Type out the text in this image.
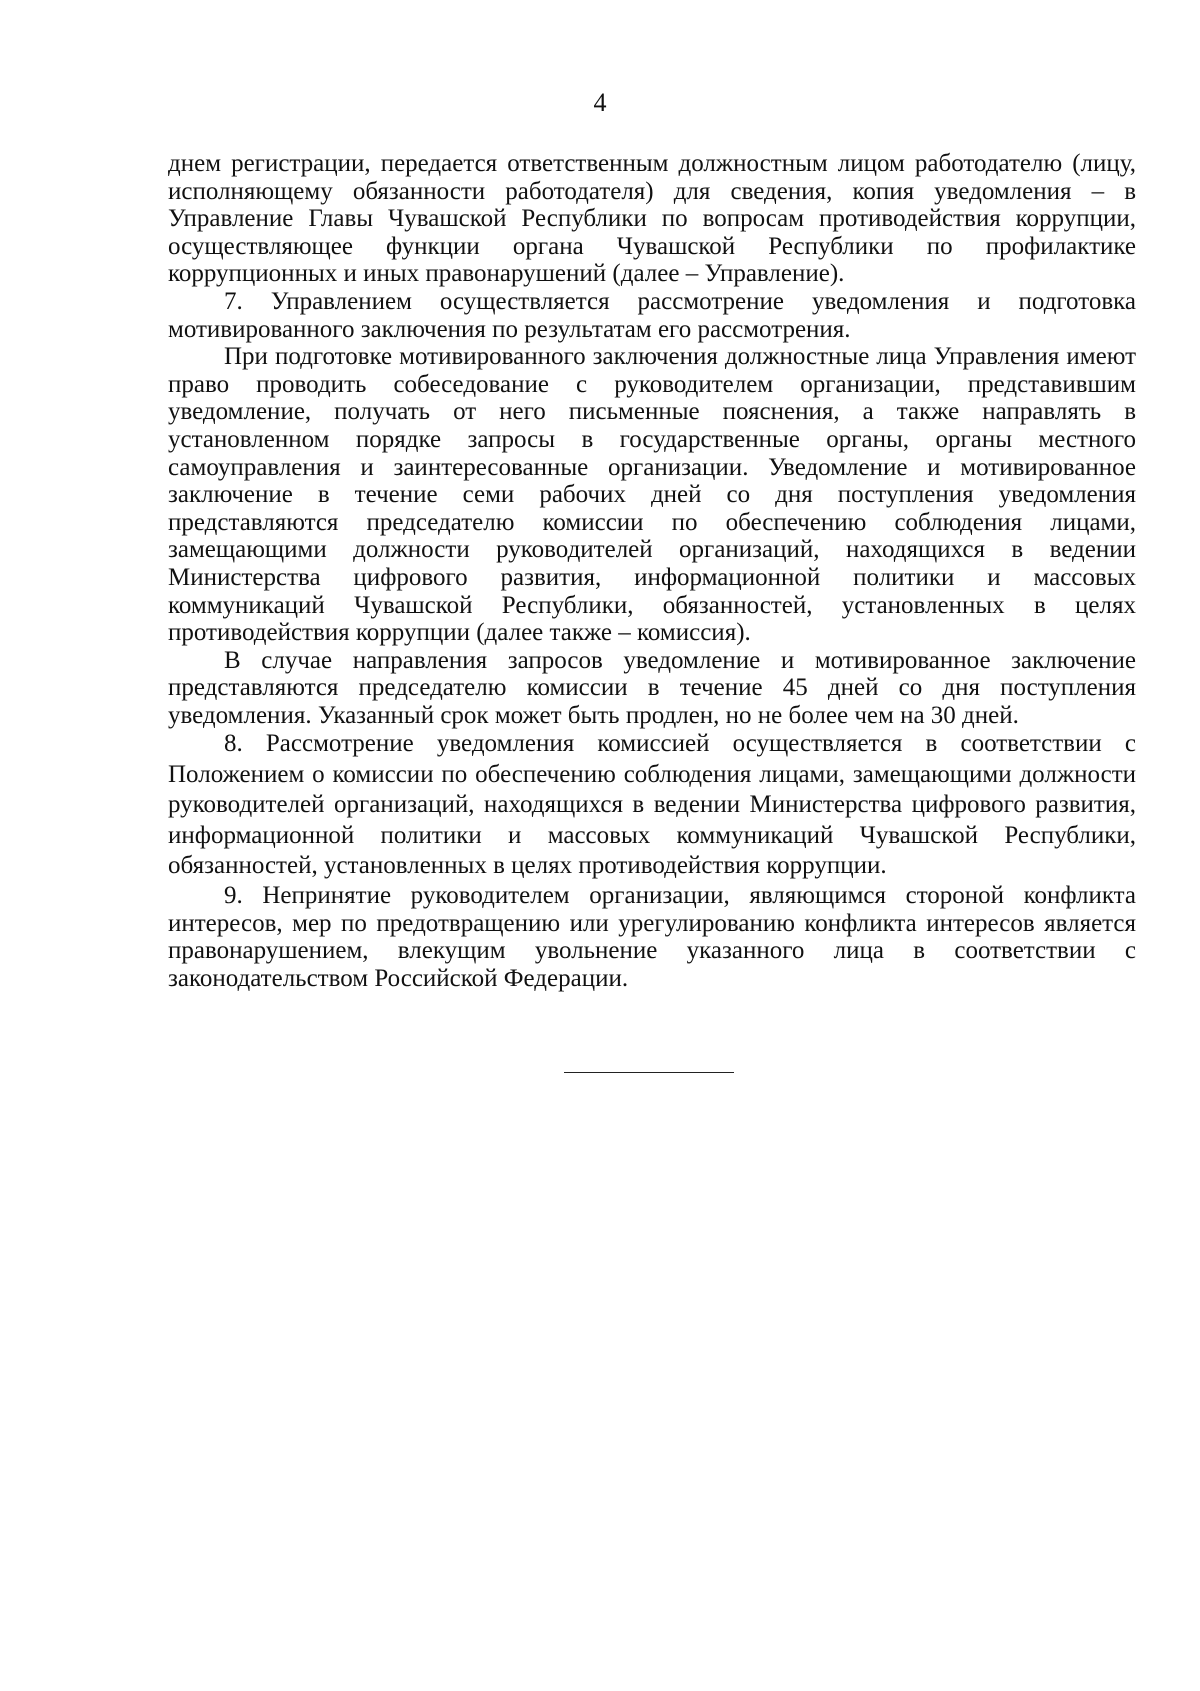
4

днем регистрации, передается ответственным должностным лицом работодателю (лицу, исполняющему обязанности работодателя) для сведения, копия уведомления – в Управление Главы Чувашской Республики по вопросам противодействия коррупции, осуществляющее функции органа Чувашской Республики по профилактике коррупционных и иных правонарушений (далее – Управление).

7. Управлением осуществляется рассмотрение уведомления и подготовка мотивированного заключения по результатам его рассмотрения.

При подготовке мотивированного заключения должностные лица Управления имеют право проводить собеседование с руководителем организации, представившим уведомление, получать от него письменные пояснения, а также направлять в установленном порядке запросы в государственные органы, органы местного самоуправления и заинтересованные организации. Уведомление и мотивированное заключение в течение семи рабочих дней со дня поступления уведомления представляются председателю комиссии по обеспечению соблюдения лицами, замещающими должности руководителей организаций, находящихся в ведении Министерства цифрового развития, информационной политики и массовых коммуникаций Чувашской Республики, обязанностей, установленных в целях противодействия коррупции (далее также – комиссия).

В случае направления запросов уведомление и мотивированное заключение представляются председателю комиссии в течение 45 дней со дня поступления уведомления. Указанный срок может быть продлен, но не более чем на 30 дней.

8. Рассмотрение уведомления комиссией осуществляется в соответствии с Положением о комиссии по обеспечению соблюдения лицами, замещающими должности руководителей организаций, находящихся в ведении Министерства цифрового развития, информационной политики и массовых коммуникаций Чувашской Республики, обязанностей, установленных в целях противодействия коррупции.

9. Непринятие руководителем организации, являющимся стороной конфликта интересов, мер по предотвращению или урегулированию конфликта интересов является правонарушением, влекущим увольнение указанного лица в соответствии с законодательством Российской Федерации.
